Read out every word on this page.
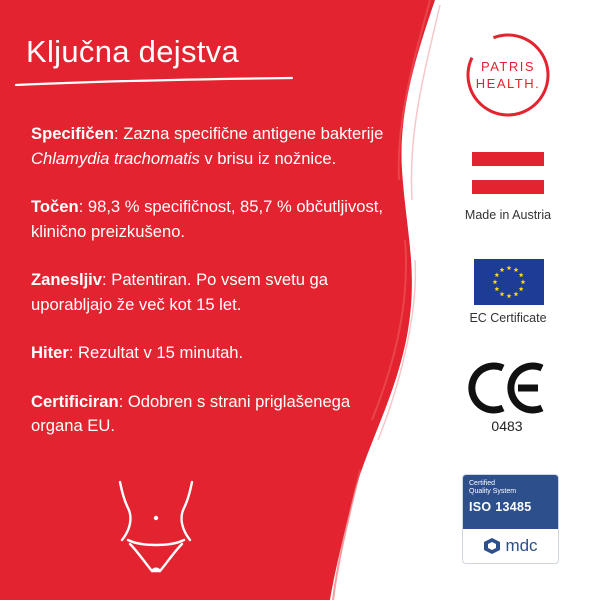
Ključna dejstva
Specifičen: Zazna specifične antigene bakterije Chlamydia trachomatis v brisu iz nožnice.
Točen: 98,3 % specifičnost, 85,7 % občutljivost, klinično preizkušeno.
Zanesljiv: Patentiran. Po vsem svetu ga uporabljajo že več kot 15 let.
Hiter: Rezultat v 15 minutah.
Certificiran: Odobren s strani priglašenega organa EU.
PATRIS
HEALTH.
Made in Austria
EC Certificate
0483
Certified
Quality System
ISO 13485
mdc
